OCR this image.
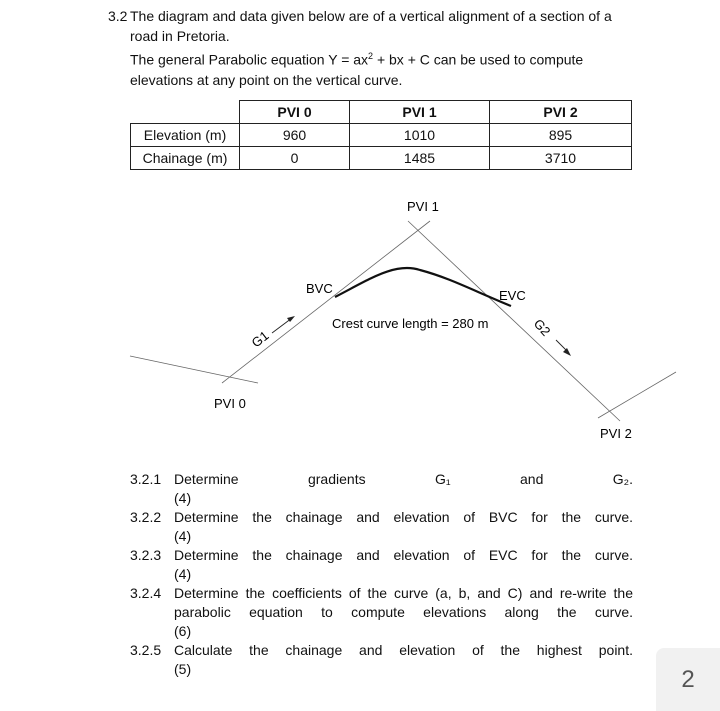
3.2 The diagram and data given below are of a vertical alignment of a section of a
road in Pretoria.
The general Parabolic equation $Y = ax^2$ + bx + C can be used to compute
elevations at any point on the vertical curve.
	PVI 0	PVI 1	PVI 2
Elevation (m)	960	1010	895
Chainage (m)	0	1485	3710
PVI 1
BVC	EVC
Crest curve length = 280 m
G1
G2
PVI 0
PVI 2
3.2.1 Determine gradients G₁ and G₂.
(4)
3.2.2 Determine the chainage and elevation of BVC for the curve.
(4)
3.2.3 Determine the chainage and elevation of EVC for the curve.
(4)
3.2.4 Determine the coefficients of the curve (a, b, and C) and re-write the parabolic equation to compute elevations along the curve.
(6)
3.2.5 Calculate the chainage and elevation of the highest point.
(5)	2
